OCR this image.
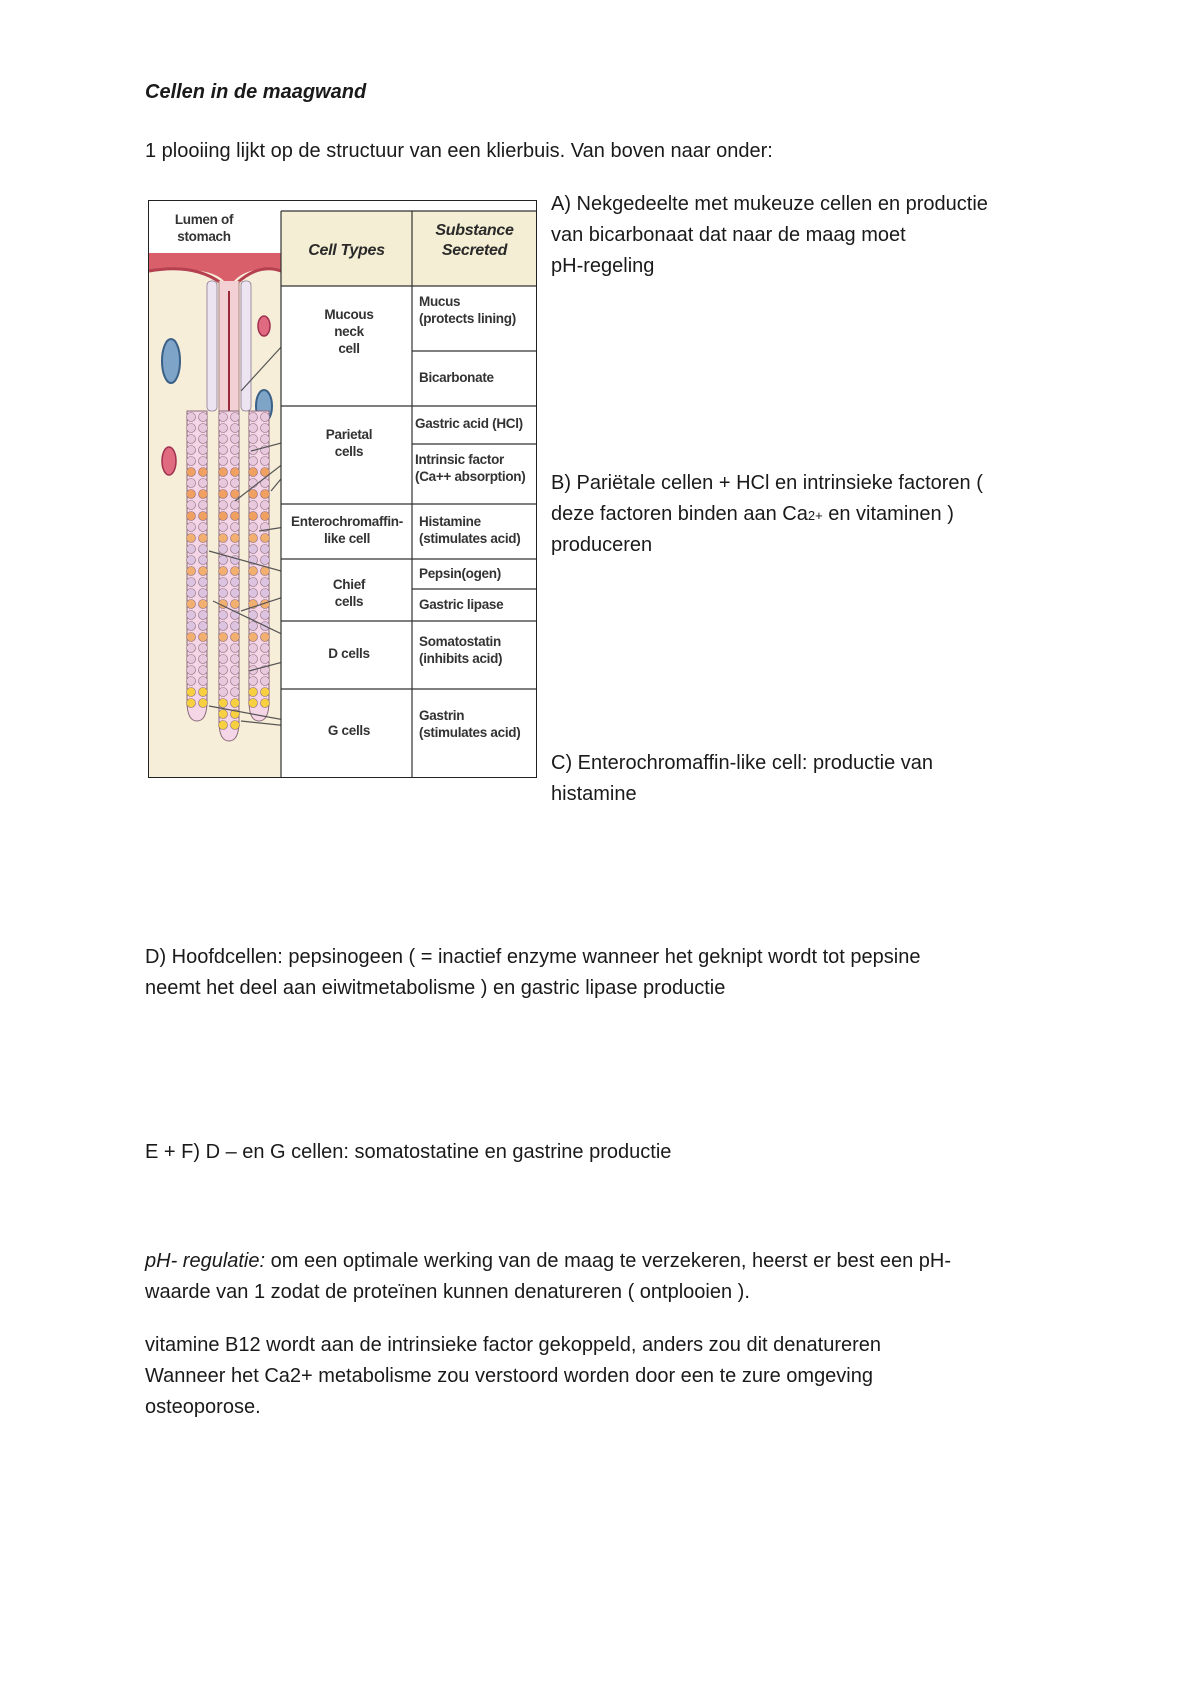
Cellen in de maagwand

1 plooiing lijkt op de structuur van een klierbuis. Van boven naar onder:

Lumen of
stomach
Cell Types
Substance
Secreted
Mucous
neck
cell
Parietal
cells
Enterochromaffin-
like cell
Chief
cells
D cells
G cells
Mucus
(protects lining)
Bicarbonate
Gastric acid (HCl)
Intrinsic factor
(Ca++ absorption)
Histamine
(stimulates acid)
Pepsin(ogen)
Gastric lipase
Somatostatin
(inhibits acid)
Gastrin
(stimulates acid)

A) Nekgedeelte met mukeuze cellen en productie

van bicarbonaat dat naar de maag moet

pH-regeling

B) Pariëtale cellen + HCl en intrinsieke factoren (

deze factoren binden aan Ca2+ en vitaminen )

produceren

C) Enterochromaffin-like cell: productie van

histamine

D) Hoofdcellen: pepsinogeen ( = inactief enzyme wanneer het geknipt wordt tot pepsine

neemt het deel aan eiwitmetabolisme ) en gastric lipase productie

E + F) D – en G cellen: somatostatine en gastrine productie

pH- regulatie: om een optimale werking van de maag te verzekeren, heerst er best een pH-

waarde van 1 zodat de proteïnen kunnen denatureren ( ontplooien ).

vitamine B12 wordt aan de intrinsieke factor gekoppeld, anders zou dit denatureren

Wanneer het Ca2+ metabolisme zou verstoord worden door een te zure omgeving

osteoporose.
